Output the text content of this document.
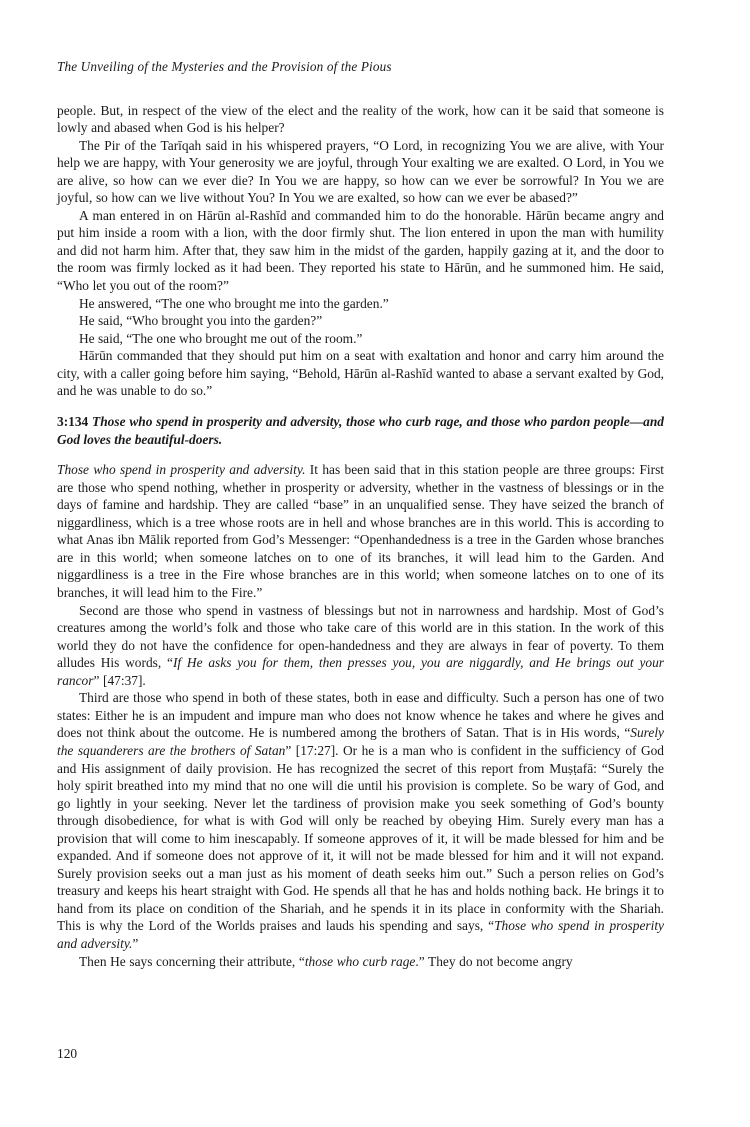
The Unveiling of the Mysteries and the Provision of the Pious

people. But, in respect of the view of the elect and the reality of the work, how can it be said that someone is lowly and abased when God is his helper?

The Pir of the Tarīqah said in his whispered prayers, “O Lord, in recognizing You we are alive, with Your help we are happy, with Your generosity we are joyful, through Your exalting we are exalted. O Lord, in You we are alive, so how can we ever die? In You we are happy, so how can we ever be sorrowful? In You we are joyful, so how can we live without You? In You we are exalted, so how can we ever be abased?”

A man entered in on Hārūn al-Rashīd and commanded him to do the honorable. Hārūn became angry and put him inside a room with a lion, with the door firmly shut. The lion entered in upon the man with humility and did not harm him. After that, they saw him in the midst of the garden, happily gazing at it, and the door to the room was firmly locked as it had been. They reported his state to Hārūn, and he summoned him. He said, “Who let you out of the room?”

He answered, “The one who brought me into the garden.”

He said, “Who brought you into the garden?”

He said, “The one who brought me out of the room.”

Hārūn commanded that they should put him on a seat with exaltation and honor and carry him around the city, with a caller going before him saying, “Behold, Hārūn al-Rashīd wanted to abase a servant exalted by God, and he was unable to do so.”

3:134 Those who spend in prosperity and adversity, those who curb rage, and those who pardon people—and God loves the beautiful-doers.

Those who spend in prosperity and adversity. It has been said that in this station people are three groups: First are those who spend nothing, whether in prosperity or adversity, whether in the vastness of blessings or in the days of famine and hardship. They are called “base” in an unqualified sense. They have seized the branch of niggardliness, which is a tree whose roots are in hell and whose branches are in this world. This is according to what Anas ibn Mālik reported from God’s Messenger: “Openhandedness is a tree in the Garden whose branches are in this world; when someone latches on to one of its branches, it will lead him to the Garden. And niggardliness is a tree in the Fire whose branches are in this world; when someone latches on to one of its branches, it will lead him to the Fire.”

Second are those who spend in vastness of blessings but not in narrowness and hardship. Most of God’s creatures among the world’s folk and those who take care of this world are in this station. In the work of this world they do not have the confidence for open-handedness and they are always in fear of poverty. To them alludes His words, “If He asks you for them, then presses you, you are niggardly, and He brings out your rancor” [47:37].

Third are those who spend in both of these states, both in ease and difficulty. Such a person has one of two states: Either he is an impudent and impure man who does not know whence he takes and where he gives and does not think about the outcome. He is numbered among the brothers of Satan. That is in His words, “Surely the squanderers are the brothers of Satan” [17:27]. Or he is a man who is confident in the sufficiency of God and His assignment of daily provision. He has recognized the secret of this report from Muṣṭafā: “Surely the holy spirit breathed into my mind that no one will die until his provision is complete. So be wary of God, and go lightly in your seeking. Never let the tardiness of provision make you seek something of God’s bounty through disobedience, for what is with God will only be reached by obeying Him. Surely every man has a provision that will come to him inescapably. If someone approves of it, it will be made blessed for him and be expanded. And if someone does not approve of it, it will not be made blessed for him and it will not expand. Surely provision seeks out a man just as his moment of death seeks him out.” Such a person relies on God’s treasury and keeps his heart straight with God. He spends all that he has and holds nothing back. He brings it to hand from its place on condition of the Shariah, and he spends it in its place in conformity with the Shariah. This is why the Lord of the Worlds praises and lauds his spending and says, “Those who spend in prosperity and adversity.”

Then He says concerning their attribute, “those who curb rage.” They do not become angry

120
